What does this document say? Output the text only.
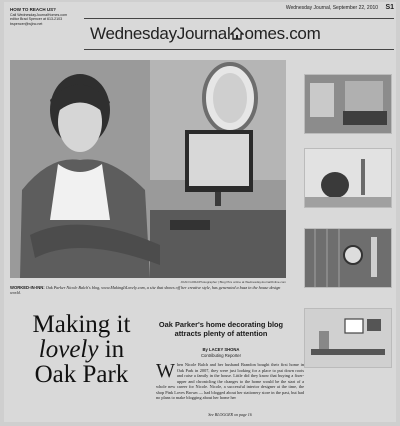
Wednesday Journal, September 22, 2010 S1
HOW TO REACH US?
Call WednesdayJournalHomes.com
editor Brad Spencer at 613-2103
bspencer@wjinc.net
WednesdayJournal omes.com
JOAN GORA/Photographer | Blog Pics online at WednesdayJournalOnline.com
WORKED-IN-INN: Oak Parker Nicole Balch's blog, www.MakingItLovely.com, a site that shows off her creative style, has generated a buzz in the house design world.
Making it
lovely in
Oak Park
Oak Parker's home decorating blog attracts plenty of attention
By LACEY SHONA
Contributing Reporter
When Nicole Balch and her husband Brandon bought their first home in Oak Park in 2007, they were just looking for a place to put down roots and raise a family in the house. Little did they know that buying a fixer-upper and chronicling the changes to the home would be the start of a whole new career for Nicole. Nicole, a successful interior designer at the time, the shop Pink Loves Brown — had blogged about her stationery store in the past, but had no plans to make blogging about her home her
See BLOGGER on page 16
